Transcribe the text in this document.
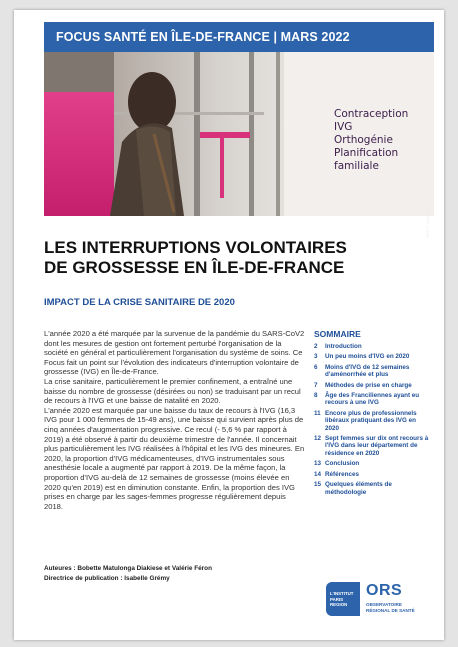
FOCUS SANTÉ EN ÎLE-DE-FRANCE | MARS 2022
Contraception
IVG
Orthogénie
Planification
familiale
ORS © Wissam
LES INTERRUPTIONS VOLONTAIRES
DE GROSSESSE EN ÎLE-DE-FRANCE
IMPACT DE LA CRISE SANITAIRE DE 2020

L'année 2020 a été marquée par la survenue de la pandémie du SARS-CoV2 dont les mesures de gestion ont fortement perturbé l'organisation de la société en général et particulièrement l'organisation du système de soins. Ce Focus fait un point sur l'évolution des indicateurs d'interruption volontaire de grossesse (IVG) en Île-de-France.

La crise sanitaire, particulièrement le premier confinement, a entraîné une baisse du nombre de grossesse (désirées ou non) se traduisant par un recul de recours à l'IVG et une baisse de natalité en 2020.

L'année 2020 est marquée par une baisse du taux de recours à l'IVG (16,3 IVG pour 1 000 femmes de 15-49 ans), une baisse qui survient après plus de cinq années d'augmentation progressive. Ce recul (- 5,6 % par rapport à 2019) a été observé à partir du deuxième trimestre de l'année. Il concernait plus particulièrement les IVG réalisées à l'hôpital et les IVG des mineures. En 2020, la proportion d'IVG médicamenteuses, d'IVG instrumentales sous anesthésie locale a augmenté par rapport à 2019. De la même façon, la proportion d'IVG au-delà de 12 semaines de grossesse (moins élevée en 2020 qu'en 2019) est en diminution constante. Enfin, la proportion des IVG prises en charge par les sages-femmes progresse régulièrement depuis 2018.

Auteures : Bobette Matulonga Diakiese et Valérie Féron
Directrice de publication : Isabelle Grémy
SOMMAIRE
2	Introduction
3	Un peu moins d'IVG en 2020
6	Moins d'IVG de 12 semaines d'aménorrhée et plus
7	Méthodes de prise en charge
8	Âge des Franciliennes ayant eu recours à une IVG
11 Encore plus de professionnels libéraux pratiquant des IVG en 2020
12 Sept femmes sur dix ont recours à l'IVG dans leur département de résidence en 2020
13 Conclusion
14 Références
15 Quelques éléments de méthodologie
L'INSTITUT PARIS REGION
ORS
OBSERVATOIRE
RÉGIONAL DE SANTÉ
